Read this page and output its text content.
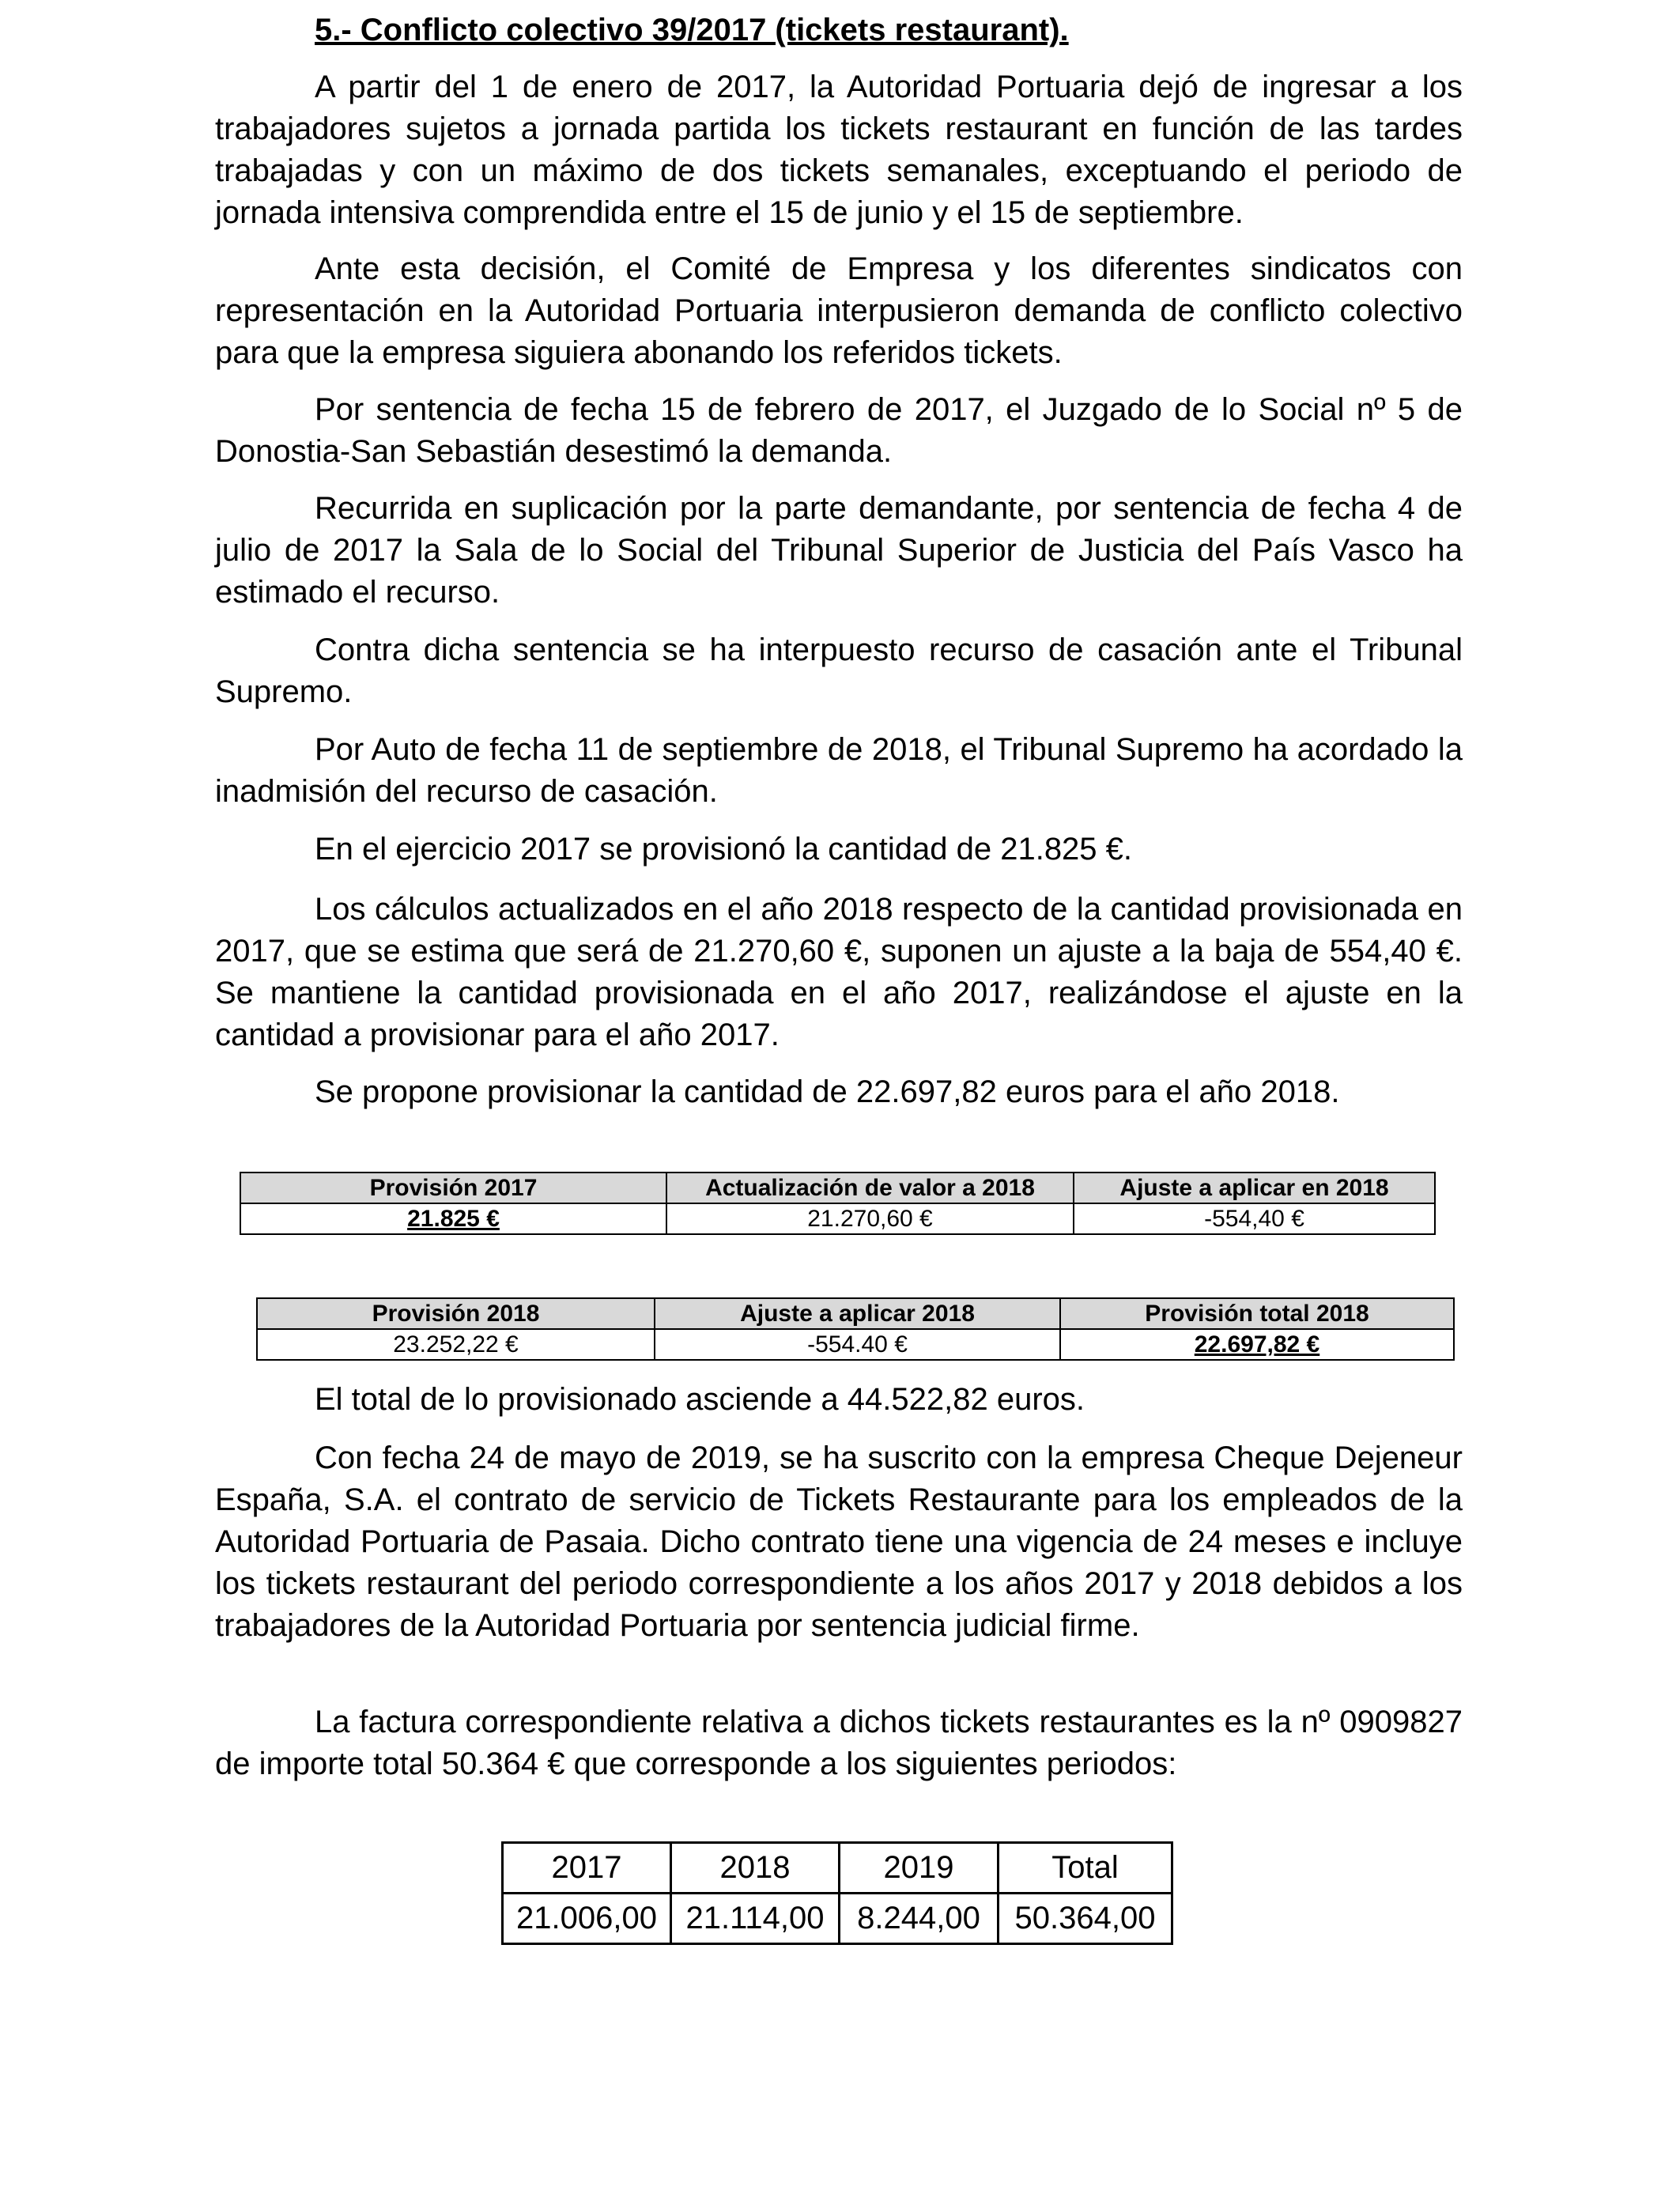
5.- Conflicto colectivo 39/2017 (tickets restaurant).

A partir del 1 de enero de 2017, la Autoridad Portuaria dejó de ingresar a los trabajadores sujetos a jornada partida los tickets restaurant en función de las tardes trabajadas y con un máximo de dos tickets semanales, exceptuando el periodo de jornada intensiva comprendida entre el 15 de junio y el 15 de septiembre.

Ante esta decisión, el Comité de Empresa y los diferentes sindicatos con representación en la Autoridad Portuaria interpusieron demanda de conflicto colectivo para que la empresa siguiera abonando los referidos tickets.

Por sentencia de fecha 15 de febrero de 2017, el Juzgado de lo Social nº 5 de Donostia-San Sebastián desestimó la demanda.

Recurrida en suplicación por la parte demandante, por sentencia de fecha 4 de julio de 2017 la Sala de lo Social del Tribunal Superior de Justicia del País Vasco ha estimado el recurso.

Contra dicha sentencia se ha interpuesto recurso de casación ante el Tribunal Supremo.

Por Auto de fecha 11 de septiembre de 2018, el Tribunal Supremo ha acordado la inadmisión del recurso de casación.

En el ejercicio 2017 se provisionó la cantidad de 21.825 €.

Los cálculos actualizados en el año 2018 respecto de la cantidad provisionada en 2017, que se estima que será de 21.270,60 €, suponen un ajuste a la baja de 554,40 €. Se mantiene la cantidad provisionada en el año 2017, realizándose el ajuste en la cantidad a provisionar para el año 2017.

Se propone provisionar la cantidad de 22.697,82 euros para el año 2018.

Provisión 2017	Actualización de valor a 2018	Ajuste a aplicar en 2018
21.825 €	21.270,60 €	-554,40 €
Provisión 2018	Ajuste a aplicar 2018	Provisión total 2018
23.252,22 €	-554.40 €	22.697,82 €

El total de lo provisionado asciende a 44.522,82 euros.

Con fecha 24 de mayo de 2019, se ha suscrito con la empresa Cheque Dejeneur España, S.A. el contrato de servicio de Tickets Restaurante para los empleados de la Autoridad Portuaria de Pasaia. Dicho contrato tiene una vigencia de 24 meses e incluye los tickets restaurant del periodo correspondiente a los años 2017 y 2018 debidos a los trabajadores de la Autoridad Portuaria por sentencia judicial firme.

La factura correspondiente relativa a dichos tickets restaurantes es la nº 0909827 de importe total 50.364 € que corresponde a los siguientes periodos:

2017	2018	2019	Total
21.006,00	21.114,00	8.244,00	50.364,00
